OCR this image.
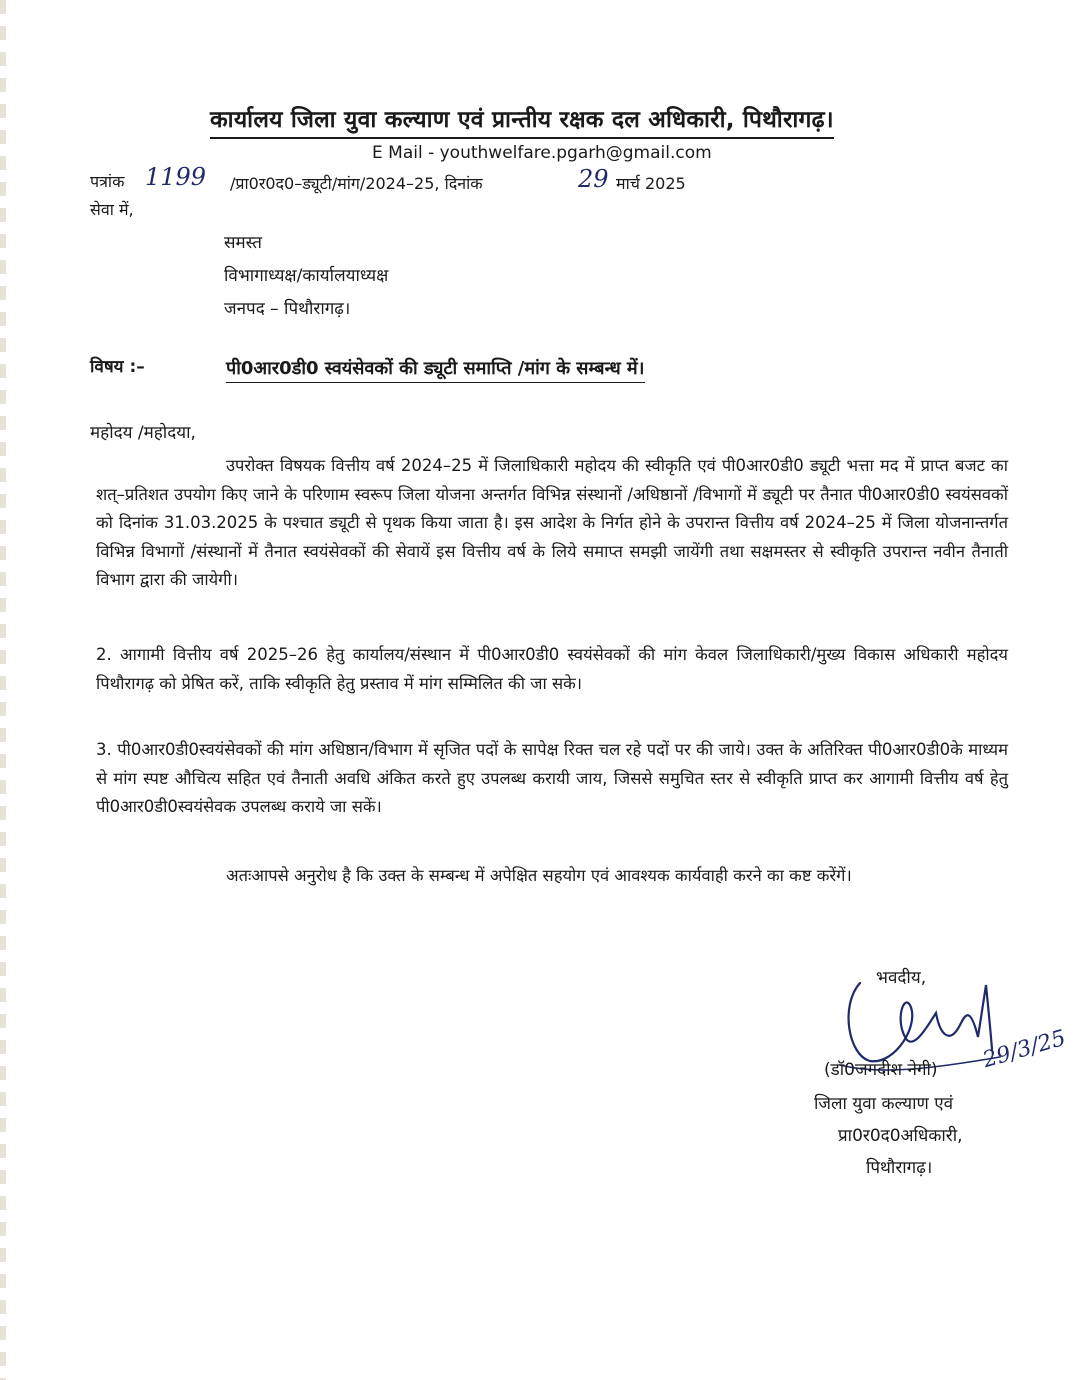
कार्यालय जिला युवा कल्याण एवं प्रान्तीय रक्षक दल अधिकारी, पिथौरागढ़।
E Mail - youthwelfare.pgarh@gmail.com
पत्रांक 1199 /प्रा0र0द0–ड्यूटी/मांग/2024–25, दिनांक	29 मार्च 2025
सेवा में,
समस्त
विभागाध्यक्ष/कार्यालयाध्यक्ष
जनपद – पिथौरागढ़।
विषय :–	पी0आर0डी0 स्वयंसेवकों की ड्यूटी समाप्ति /मांग के सम्बन्ध में।
महोदय /महोदया,
उपरोक्त विषयक वित्तीय वर्ष 2024–25 में जिलाधिकारी महोदय की स्वीकृति एवं पी0आर0डी0 ड्यूटी भत्ता मद में प्राप्त बजट का शत्–प्रतिशत उपयोग किए जाने के परिणाम स्वरूप जिला योजना अन्तर्गत विभिन्न संस्थानों /अधिष्ठानों /विभागों में ड्यूटी पर तैनात पी0आर0डी0 स्वयंसवकों को दिनांक 31.03.2025 के पश्चात ड्यूटी से पृथक किया जाता है। इस आदेश के निर्गत होने के उपरान्त वित्तीय वर्ष 2024–25 में जिला योजनान्तर्गत विभिन्न विभागों /संस्थानों में तैनात स्वयंसेवकों की सेवायें इस वित्तीय वर्ष के लिये समाप्त समझी जायेंगी तथा सक्षमस्तर से स्वीकृति उपरान्त नवीन तैनाती विभाग द्वारा की जायेगी।
2. आगामी वित्तीय वर्ष 2025–26 हेतु कार्यालय/संस्थान में पी0आर0डी0 स्वयंसेवकों की मांग केवल जिलाधिकारी/मुख्य विकास अधिकारी महोदय पिथौरागढ़ को प्रेषित करें, ताकि स्वीकृति हेतु प्रस्ताव में मांग सम्मिलित की जा सके।
3. पी0आर0डी0स्वयंसेवकों की मांग अधिष्ठान/विभाग में सृजित पदों के सापेक्ष रिक्त चल रहे पदों पर की जाये। उक्त के अतिरिक्त पी0आर0डी0के माध्यम से मांग स्पष्ट औचित्य सहित एवं तैनाती अवधि अंकित करते हुए उपलब्ध करायी जाय, जिससे समुचित स्तर से स्वीकृति प्राप्त कर आगामी वित्तीय वर्ष हेतु पी0आर0डी0स्वयंसेवक उपलब्ध कराये जा सकें।
अतःआपसे अनुरोध है कि उक्त के सम्बन्ध में अपेक्षित सहयोग एवं आवश्यक कार्यवाही करने का कष्ट करेंगें।
भवदीय,
29/3/25
(डॉ0जगदीश नेगी)
जिला युवा कल्याण एवं
प्रा0र0द0अधिकारी,
पिथौरागढ़।
